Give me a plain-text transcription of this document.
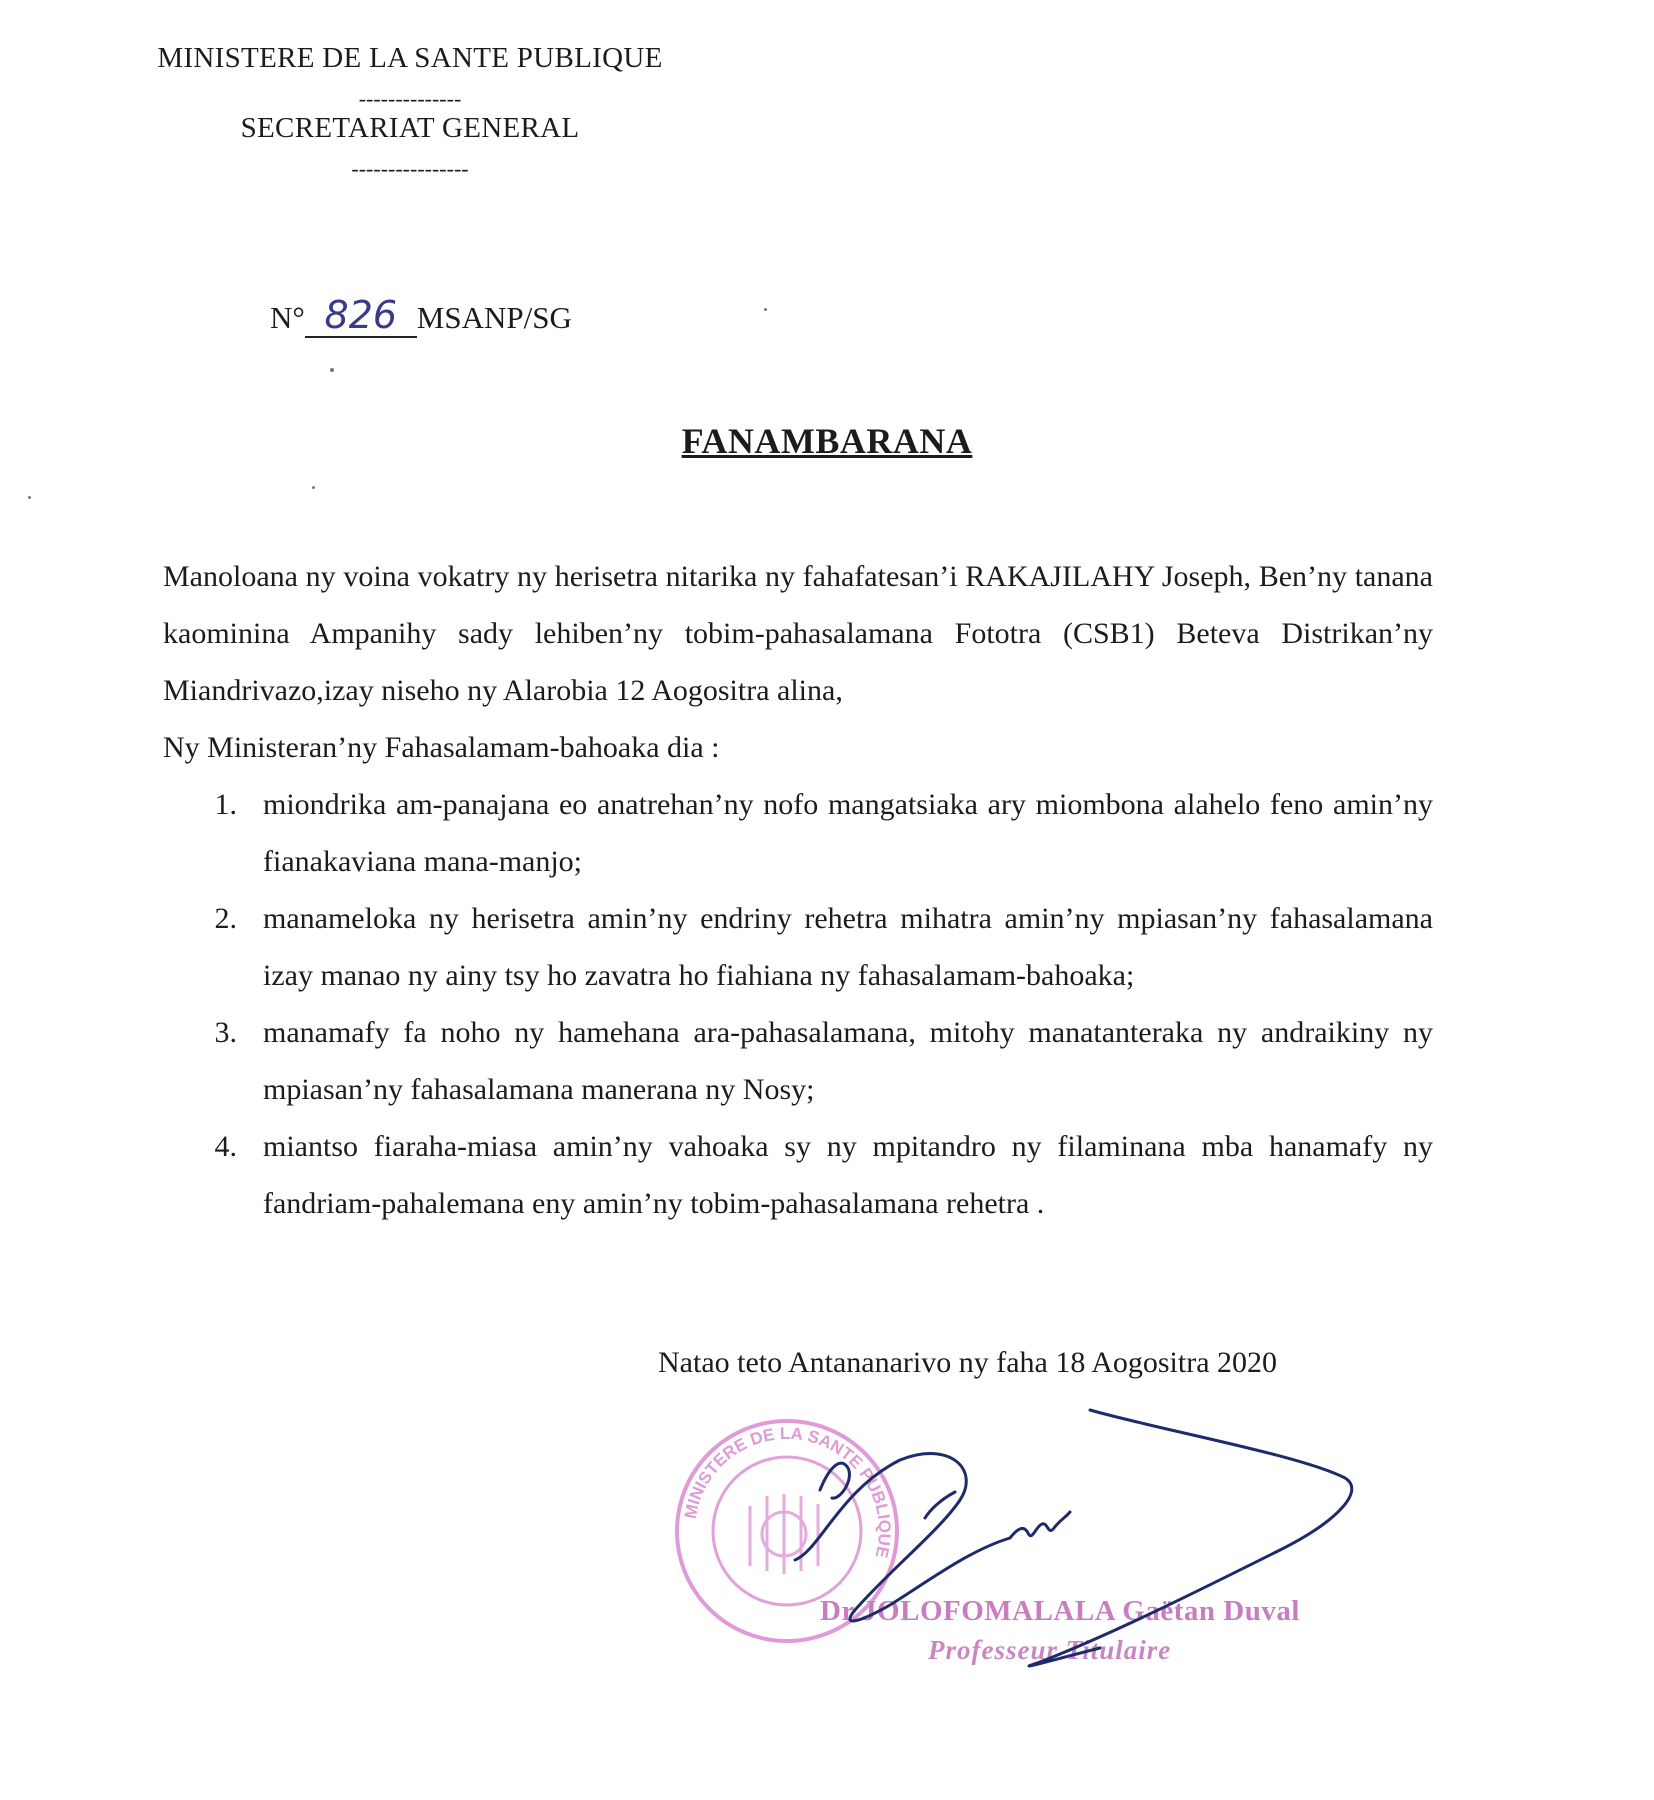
MINISTERE DE LA SANTE PUBLIQUE
--------------
SECRETARIAT GENERAL
----------------
N° 826 MSANP/SG
FANAMBARANA

Manoloana ny voina vokatry ny herisetra nitarika ny fahafatesan’i RAKAJILAHY Joseph, Ben’ny tanana kaominina Ampanihy sady lehiben’ny tobim-pahasalamana Fototra (CSB1) Beteva Distrikan’ny Miandrivazo,izay niseho ny Alarobia 12 Aogositra alina,

Ny Ministeran’ny Fahasalamam-bahoaka dia :

1. miondrika am-panajana eo anatrehan’ny nofo mangatsiaka ary miombona alahelo feno amin’ny fianakaviana mana-manjo;
2. manameloka ny herisetra amin’ny endriny rehetra mihatra amin’ny mpiasan’ny fahasalamana izay manao ny ainy tsy ho zavatra ho fiahiana ny fahasalamam-bahoaka;
3. manamafy fa noho ny hamehana ara-pahasalamana, mitohy manatanteraka ny andraikiny ny mpiasan’ny fahasalamana manerana ny Nosy;
4. miantso fiaraha-miasa amin’ny vahoaka sy ny mpitandro ny filaminana mba hanamafy ny fandriam-pahalemana eny amin’ny tobim-pahasalamana rehetra .
Natao teto Antananarivo ny faha 18 Aogositra 2020
MINISTERE DE LA SANTE PUBLIQUE
Dr JOLOFOMALALA Gaëtan Duval
Professeur Titulaire
